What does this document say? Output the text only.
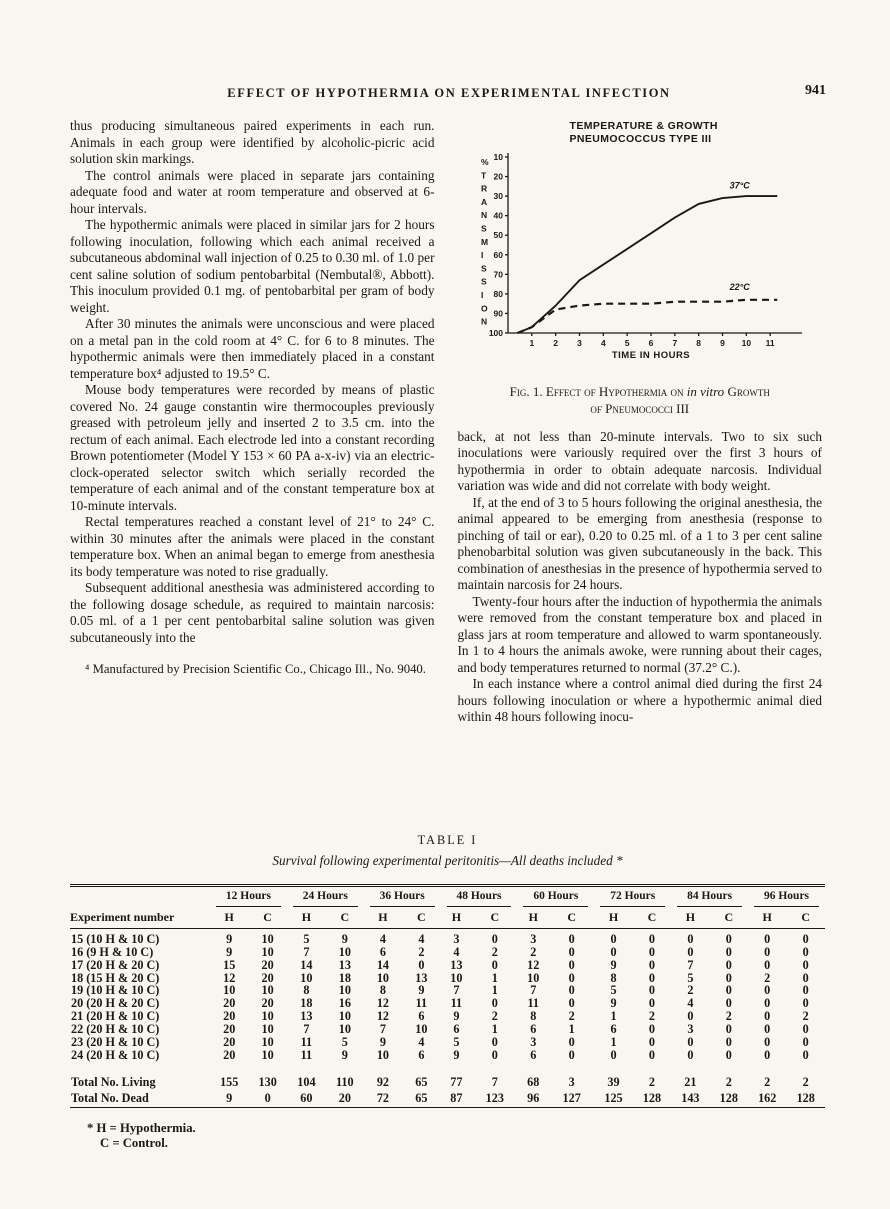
EFFECT OF HYPOTHERMIA ON EXPERIMENTAL INFECTION	941

thus producing simultaneous paired experiments in each run. Animals in each group were identified by alcoholic-picric acid solution skin markings.

The control animals were placed in separate jars containing adequate food and water at room temperature and observed at 6-hour intervals.

The hypothermic animals were placed in similar jars for 2 hours following inoculation, following which each animal received a subcutaneous abdominal wall injection of 0.25 to 0.30 ml. of 1.0 per cent saline solution of sodium pentobarbital (Nembutal®, Abbott). This inoculum provided 0.1 mg. of pentobarbital per gram of body weight.

After 30 minutes the animals were unconscious and were placed on a metal pan in the cold room at 4° C. for 6 to 8 minutes. The hypothermic animals were then immediately placed in a constant temperature box⁴ adjusted to 19.5° C.

Mouse body temperatures were recorded by means of plastic covered No. 24 gauge constantin wire thermocouples previously greased with petroleum jelly and inserted 2 to 3.5 cm. into the rectum of each animal. Each electrode led into a constant recording Brown potentiometer (Model Y 153 × 60 PA a-x-iv) via an electric-clock-operated selector switch which serially recorded the temperature of each animal and of the constant temperature box at 10-minute intervals.

Rectal temperatures reached a constant level of 21° to 24° C. within 30 minutes after the animals were placed in the constant temperature box. When an animal began to emerge from anesthesia its body temperature was noted to rise gradually.

Subsequent additional anesthesia was administered according to the following dosage schedule, as required to maintain narcosis: 0.05 ml. of a 1 per cent pentobarbital saline solution was given subcutaneously into the

⁴ Manufactured by Precision Scientific Co., Chicago Ill., No. 9040.
TEMPERATURE & GROWTH
PNEUMOCOCCUS TYPE III
10
20
30
40
50
60
70
80
90
100
%
T
R
A
N
S
M
I
S
S
I
O
N
1 2 3 4 5 6 7 8 9 10 11
TIME IN HOURS
37°C
22°C
Fig. 1. Effect of Hypothermia on in vitro Growth
of Pneumococci III

back, at not less than 20-minute intervals. Two to six such inoculations were variously required over the first 3 hours of hypothermia in order to obtain adequate narcosis. Individual variation was wide and did not correlate with body weight.

If, at the end of 3 to 5 hours following the original anesthesia, the animal appeared to be emerging from anesthesia (response to pinching of tail or ear), 0.20 to 0.25 ml. of a 1 to 3 per cent saline phenobarbital solution was given subcutaneously in the back. This combination of anesthesias in the presence of hypothermia served to maintain narcosis for 24 hours.

Twenty-four hours after the induction of hypothermia the animals were removed from the constant temperature box and placed in glass jars at room temperature and allowed to warm spontaneously. In 1 to 4 hours the animals awoke, were running about their cages, and body temperatures returned to normal (37.2° C.).

In each instance where a control animal died during the first 24 hours following inoculation or where a hypothermic animal died within 48 hours following inocu-

TABLE I
Survival following experimental peritonitis—All deaths included *

	12 Hours		24 Hours		36 Hours		48 Hours		60 Hours		72 Hours		84 Hours		96 Hours	

Experiment number	H	C	H	C	H	C	H	C	H	C	H	C	H	C	H	C
15 (10 H & 10 C)	9	10	5	9	4	4	3	0	3	0	0	0	0	0	0	0
16 (9 H & 10 C)	9	10	7	10	6	2	4	2	2	0	0	0	0	0	0	0
17 (20 H & 20 C)	15	20	14	13	14	0	13	0	12	0	9	0	7	0	0	0
18 (15 H & 20 C)	12	20	10	18	10	13	10	1	10	0	8	0	5	0	2	0
19 (10 H & 10 C)	10	10	8	10	8	9	7	1	7	0	5	0	2	0	0	0
20 (20 H & 20 C)	20	20	18	16	12	11	11	0	11	0	9	0	4	0	0	0
21 (20 H & 10 C)	20	10	13	10	12	6	9	2	8	2	1	2	0	2	0	2
22 (20 H & 10 C)	20	10	7	10	7	10	6	1	6	1	6	0	3	0	0	0
23 (20 H & 10 C)	20	10	11	5	9	4	5	0	3	0	1	0	0	0	0	0
24 (20 H & 10 C)	20	10	11	9	10	6	9	0	6	0	0	0	0	0	0	0
Total No. Living	155	130	104	110	92	65	77	7	68	3	39	2	21	2	2	2
Total No. Dead	9	0	60	20	72	65	87	123	96	127	125	128	143	128	162	128
* H = Hypothermia.
C = Control.
